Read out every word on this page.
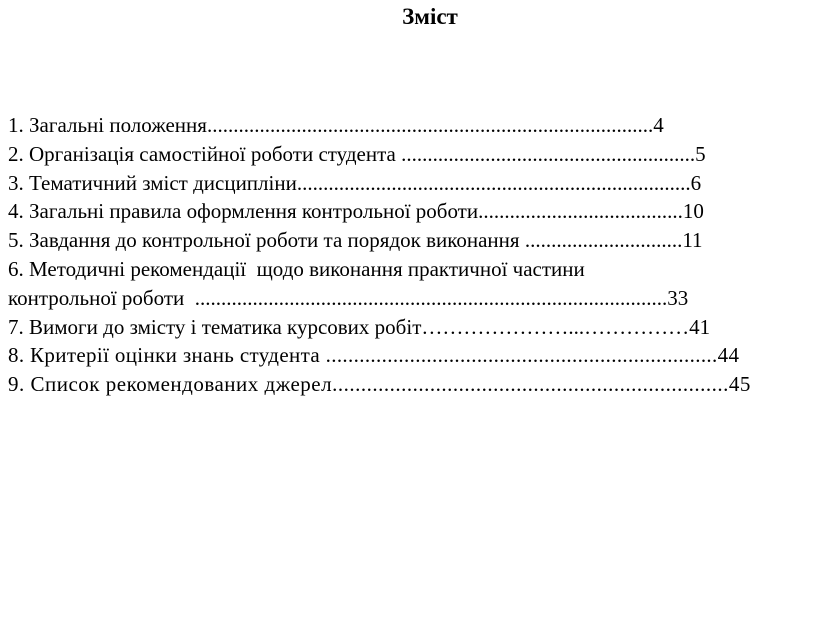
Зміст
1. Загальні положення.....................................................................................4
2. Організація самостійної роботи студента ........................................................5
3. Тематичний зміст дисципліни...........................................................................6
4. Загальні правила оформлення контрольної роботи.......................................10
5. Завдання до контрольної роботи та порядок виконання ..............................11
6. Методичні рекомендації  щодо виконання практичної частини
контрольної роботи  ..........................................................................................33
7. Вимоги до змісту і тематика курсових робіт…………………...……………41
8. Критерії оцінки знань студента ......................................................................44
9. Список рекомендованих джерел.....................................................................45
